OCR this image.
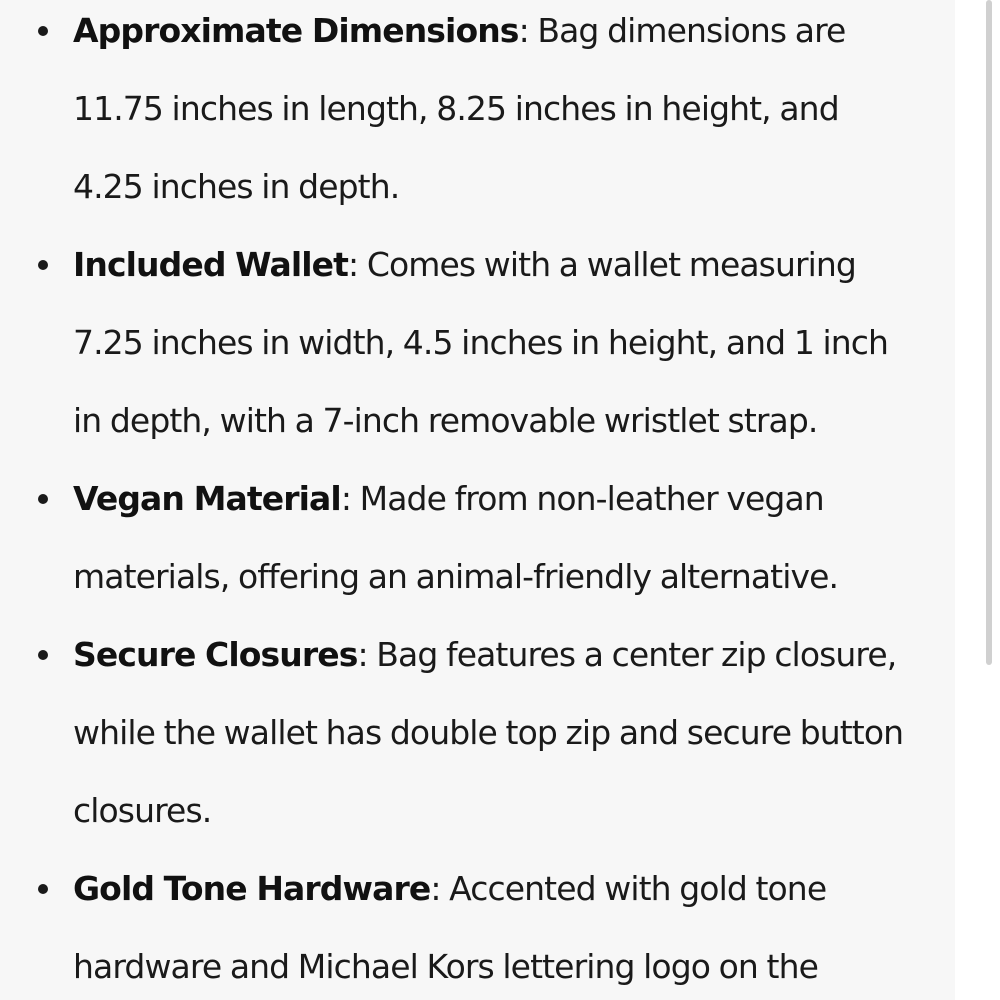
Approximate Dimensions: Bag dimensions are 11.75 inches in length, 8.25 inches in height, and 4.25 inches in depth.
Included Wallet: Comes with a wallet measuring 7.25 inches in width, 4.5 inches in height, and 1 inch in depth, with a 7-inch removable wristlet strap.
Vegan Material: Made from non-leather vegan materials, offering an animal-friendly alternative.
Secure Closures: Bag features a center zip closure, while the wallet has double top zip and secure button closures.
Gold Tone Hardware: Accented with gold tone hardware and Michael Kors lettering logo on the
